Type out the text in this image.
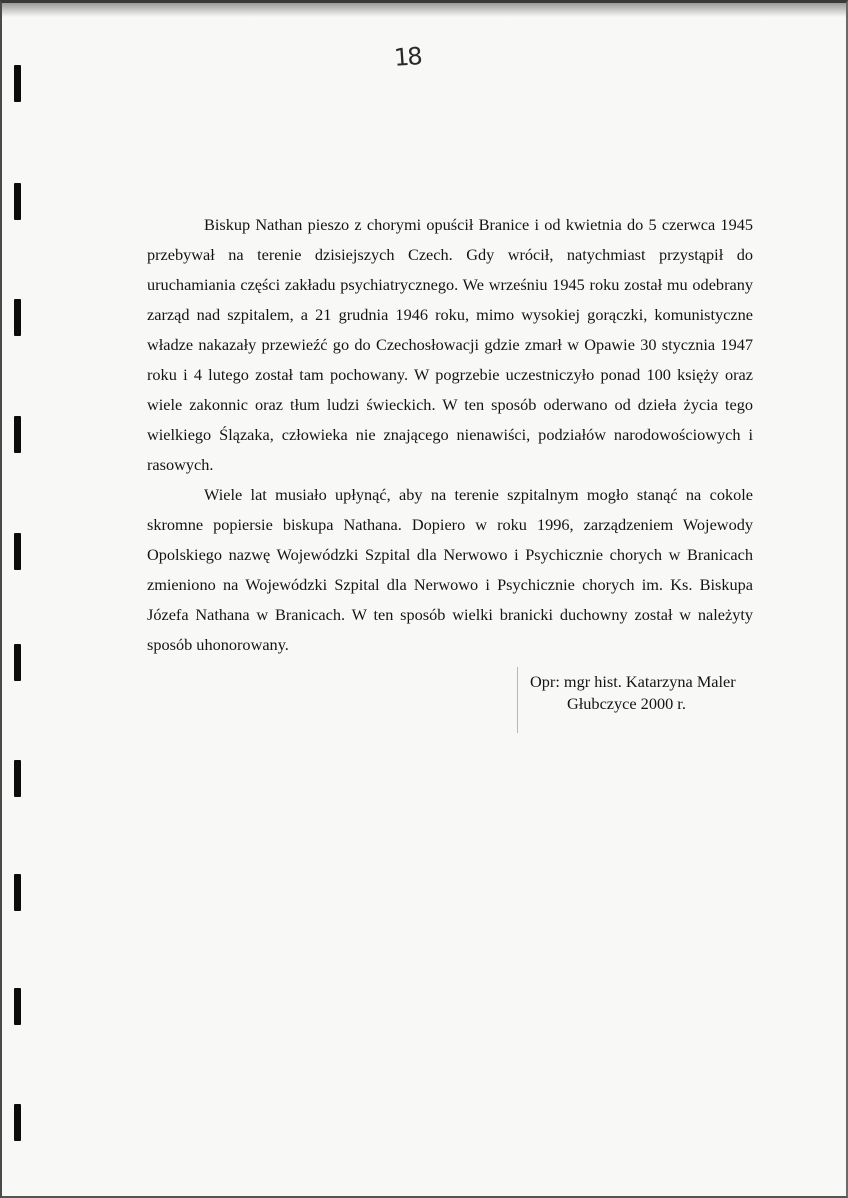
18

Biskup Nathan pieszo z chorymi opuścił Branice i od kwietnia do 5 czerwca 1945 przebywał na terenie dzisiejszych Czech. Gdy wrócił, natychmiast przystąpił do uruchamiania części zakładu psychiatrycznego. We wrześniu 1945 roku został mu odebrany zarząd nad szpitalem, a 21 grudnia 1946 roku, mimo wysokiej gorączki, komunistyczne władze nakazały przewieźć go do Czechosłowacji gdzie zmarł w Opawie 30 stycznia 1947 roku i 4 lutego został tam pochowany. W pogrzebie uczestniczyło ponad 100 księży oraz wiele zakonnic oraz tłum ludzi świeckich. W ten sposób oderwano od dzieła życia tego wielkiego Ślązaka, człowieka nie znającego nienawiści, podziałów narodowościowych i rasowych.

Wiele lat musiało upłynąć, aby na terenie szpitalnym mogło stanąć na cokole skromne popiersie biskupa Nathana. Dopiero w roku 1996, zarządzeniem Wojewody Opolskiego nazwę Wojewódzki Szpital dla Nerwowo i Psychicznie chorych w Branicach zmieniono na Wojewódzki Szpital dla Nerwowo i Psychicznie chorych im. Ks. Biskupa Józefa Nathana w Branicach. W ten sposób wielki branicki duchowny został w należyty sposób uhonorowany.

Opr: mgr hist. Katarzyna Maler
Głubczyce 2000 r.
